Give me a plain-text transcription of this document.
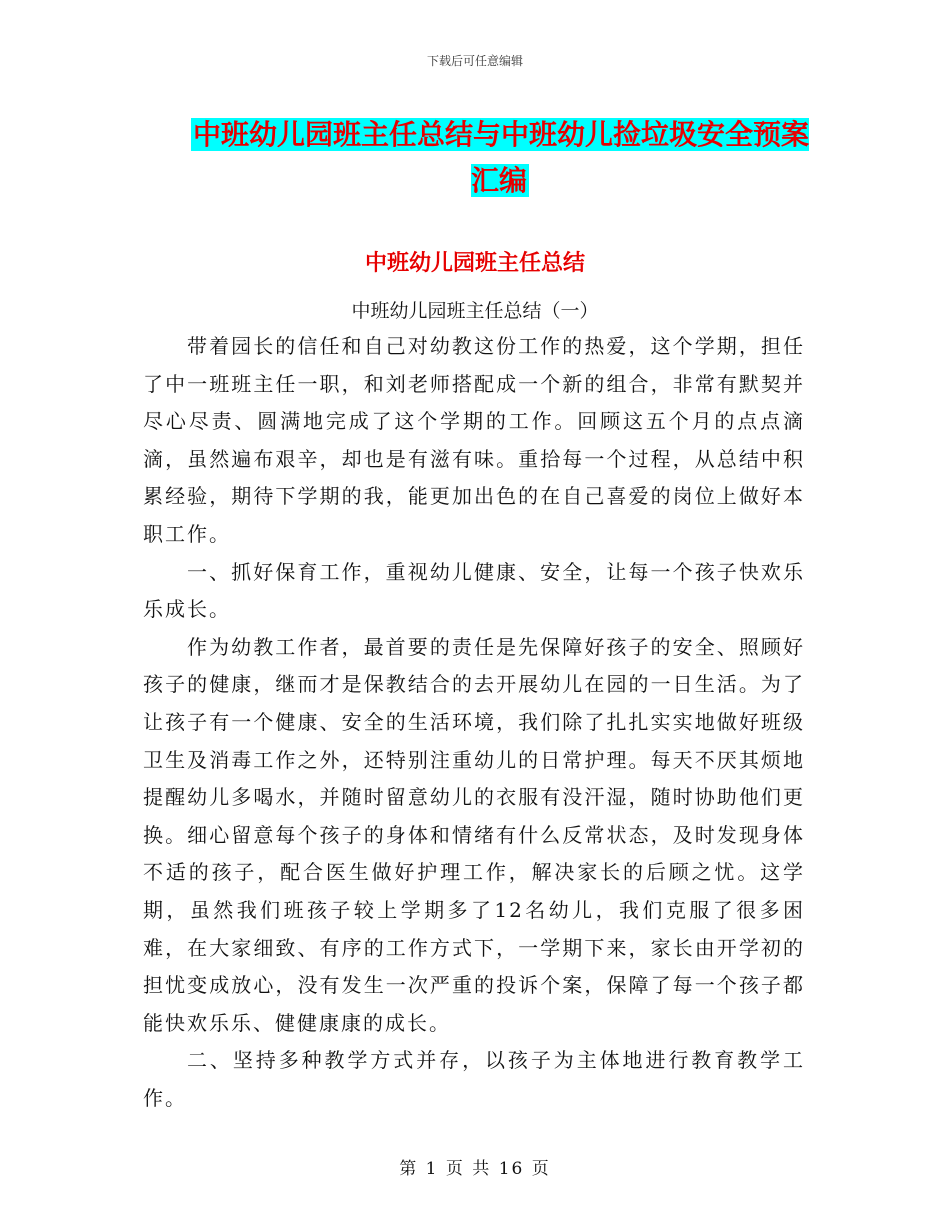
下载后可任意编辑
中班幼儿园班主任总结与中班幼儿捡垃圾安全预案汇编
中班幼儿园班主任总结
中班幼儿园班主任总结（一）

带着园长的信任和自己对幼教这份工作的热爱，这个学期，担任了中一班班主任一职，和刘老师搭配成一个新的组合，非常有默契并尽心尽责、圆满地完成了这个学期的工作。回顾这五个月的点点滴滴，虽然遍布艰辛，却也是有滋有味。重拾每一个过程，从总结中积累经验，期待下学期的我，能更加出色的在自己喜爱的岗位上做好本职工作。

一、抓好保育工作，重视幼儿健康、安全，让每一个孩子快欢乐乐成长。

作为幼教工作者，最首要的责任是先保障好孩子的安全、照顾好孩子的健康，继而才是保教结合的去开展幼儿在园的一日生活。为了让孩子有一个健康、安全的生活环境，我们除了扎扎实实地做好班级卫生及消毒工作之外，还特别注重幼儿的日常护理。每天不厌其烦地提醒幼儿多喝水，并随时留意幼儿的衣服有没汗湿，随时协助他们更换。细心留意每个孩子的身体和情绪有什么反常状态，及时发现身体不适的孩子，配合医生做好护理工作，解决家长的后顾之忧。这学期，虽然我们班孩子较上学期多了12名幼儿，我们克服了很多困难，在大家细致、有序的工作方式下，一学期下来，家长由开学初的担忧变成放心，没有发生一次严重的投诉个案，保障了每一个孩子都能快欢乐乐、健健康康的成长。

二、坚持多种教学方式并存，以孩子为主体地进行教育教学工作。

第 1 页 共 16 页
